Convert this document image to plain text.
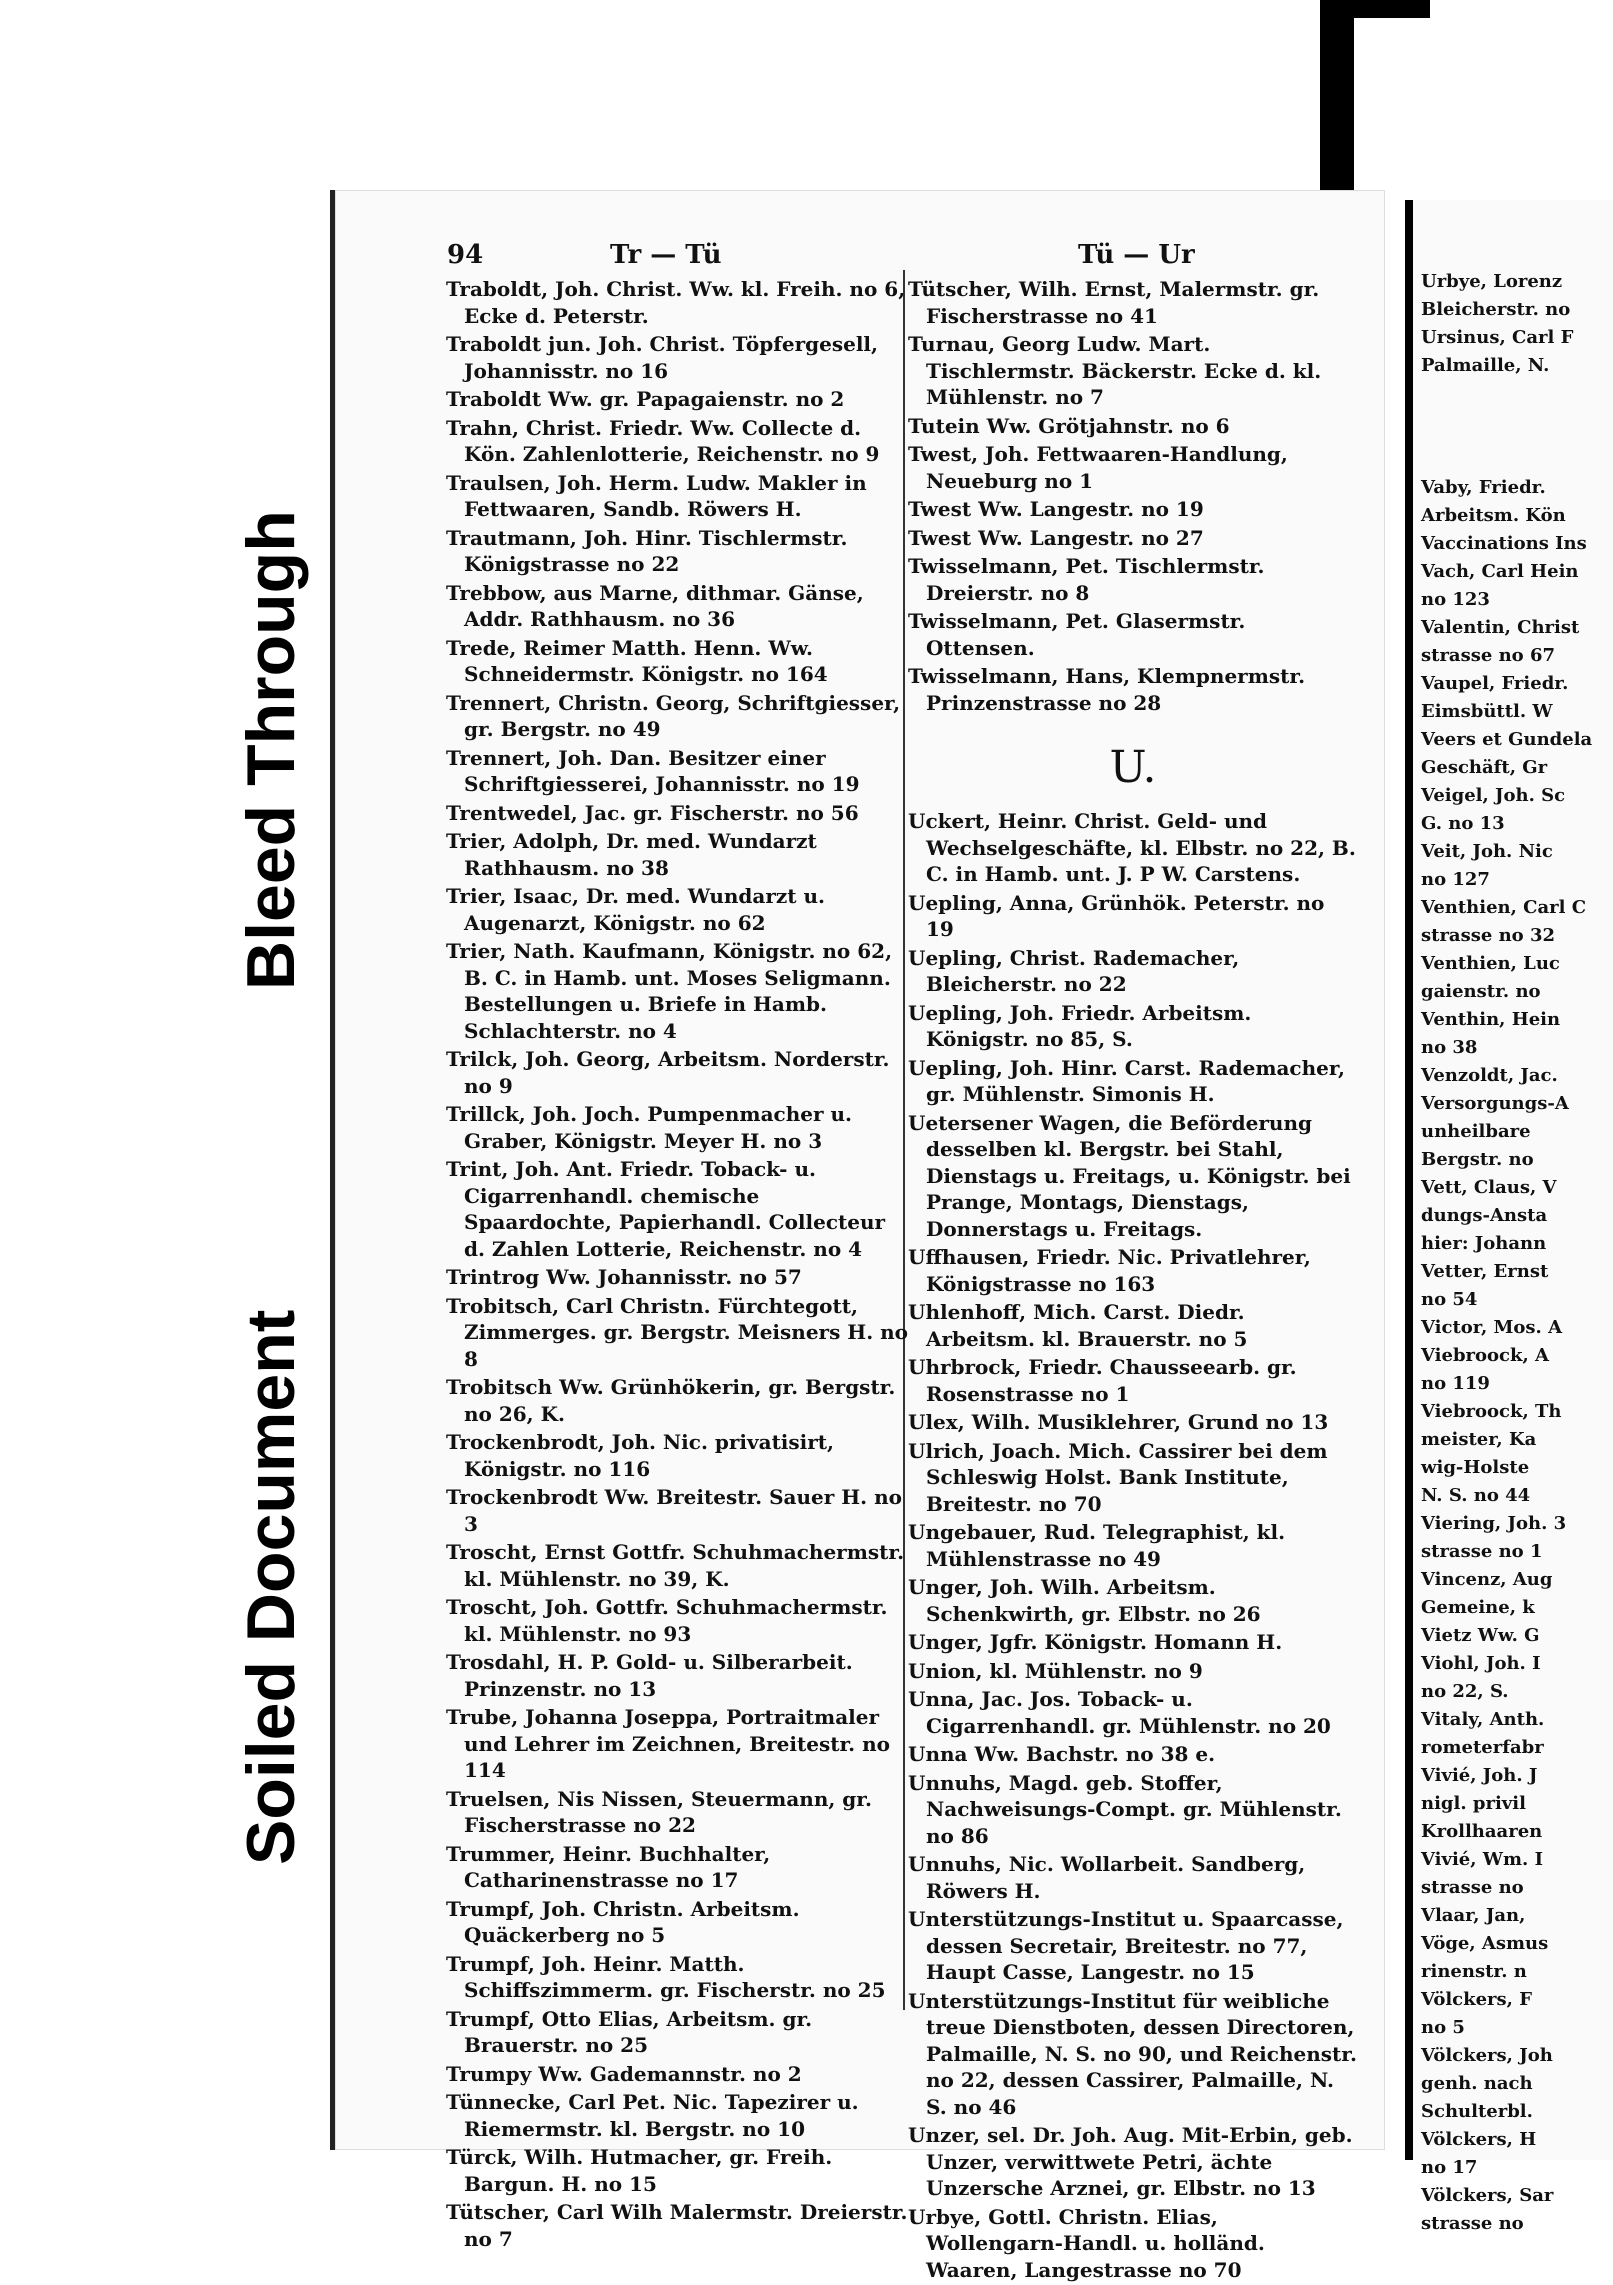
Bleed Through
Soiled Document
Urbye, Lorenz
Bleicherstr. no
Ursinus, Carl F
Palmaille, N.
Vaby, Friedr.
Arbeitsm. Kön
Vaccinations Ins
Vach, Carl Hein
no 123
Valentin, Christ
strasse no 67
Vaupel, Friedr.
Eimsbüttl. W
Veers et Gundela
Geschäft, Gr
Veigel, Joh. Sc
G. no 13
Veit, Joh. Nic
no 127
Venthien, Carl C
strasse no 32
Venthien, Luc
gaienstr. no
Venthin, Hein
no 38
Venzoldt, Jac.
Versorgungs-A
unheilbare
Bergstr. no
Vett, Claus, V
dungs-Ansta
hier: Johann
Vetter, Ernst
no 54
Victor, Mos. A
Viebroock, A
no 119
Viebroock, Th
meister, Ka
wig-Holste
N. S. no 44
Viering, Joh. 3
strasse no 1
Vincenz, Aug
Gemeine, k
Vietz Ww. G
Viohl, Joh. I
no 22, S.
Vitaly, Anth.
rometerfabr
Vivié, Joh. J
nigl. privil
Krollhaaren
Vivié, Wm. I
strasse no
Vlaar, Jan,
Vöge, Asmus
rinenstr. n
Völckers, F
no 5
Völckers, Joh
genh. nach
Schulterbl.
Völckers, H
no 17
Völckers, Sar
strasse no
94	Tr — Tü	Tü — Ur
Traboldt, Joh. Christ. Ww. kl. Freih. no 6, Ecke d. Peterstr.
Traboldt jun. Joh. Christ. Töpfergesell, Johannisstr. no 16
Traboldt Ww. gr. Papagaienstr. no 2
Trahn, Christ. Friedr. Ww. Collecte d. Kön. Zahlenlotterie, Reichenstr. no 9
Traulsen, Joh. Herm. Ludw. Makler in Fettwaaren, Sandb. Röwers H.
Trautmann, Joh. Hinr. Tischlermstr. Königstrasse no 22
Trebbow, aus Marne, dithmar. Gänse, Addr. Rathhausm. no 36
Trede, Reimer Matth. Henn. Ww. Schneidermstr. Königstr. no 164
Trennert, Christn. Georg, Schriftgiesser, gr. Bergstr. no 49
Trennert, Joh. Dan. Besitzer einer Schriftgiesserei, Johannisstr. no 19
Trentwedel, Jac. gr. Fischerstr. no 56
Trier, Adolph, Dr. med. Wundarzt Rathhausm. no 38
Trier, Isaac, Dr. med. Wundarzt u. Augenarzt, Königstr. no 62
Trier, Nath. Kaufmann, Königstr. no 62, B. C. in Hamb. unt. Moses Seligmann. Bestellungen u. Briefe in Hamb. Schlachterstr. no 4
Trilck, Joh. Georg, Arbeitsm. Norderstr. no 9
Trillck, Joh. Joch. Pumpenmacher u. Graber, Königstr. Meyer H. no 3
Trint, Joh. Ant. Friedr. Toback- u. Cigarrenhandl. chemische Spaardochte, Papierhandl. Collecteur d. Zahlen Lotterie, Reichenstr. no 4
Trintrog Ww. Johannisstr. no 57
Trobitsch, Carl Christn. Fürchtegott, Zimmerges. gr. Bergstr. Meisners H. no 8
Trobitsch Ww. Grünhökerin, gr. Bergstr. no 26, K.
Trockenbrodt, Joh. Nic. privatisirt, Königstr. no 116
Trockenbrodt Ww. Breitestr. Sauer H. no 3
Troscht, Ernst Gottfr. Schuhmachermstr. kl. Mühlenstr. no 39, K.
Troscht, Joh. Gottfr. Schuhmachermstr. kl. Mühlenstr. no 93
Trosdahl, H. P. Gold- u. Silberarbeit. Prinzenstr. no 13
Trube, Johanna Joseppa, Portraitmaler und Lehrer im Zeichnen, Breitestr. no 114
Truelsen, Nis Nissen, Steuermann, gr. Fischerstrasse no 22
Trummer, Heinr. Buchhalter, Catharinenstrasse no 17
Trumpf, Joh. Christn. Arbeitsm. Quäckerberg no 5
Trumpf, Joh. Heinr. Matth. Schiffszimmerm. gr. Fischerstr. no 25
Trumpf, Otto Elias, Arbeitsm. gr. Brauerstr. no 25
Trumpy Ww. Gademannstr. no 2
Tünnecke, Carl Pet. Nic. Tapezirer u. Riemermstr. kl. Bergstr. no 10
Türck, Wilh. Hutmacher, gr. Freih. Bargun. H. no 15
Tütscher, Carl Wilh Malermstr. Dreierstr. no 7
Tütscher, Wilh. Ernst, Malermstr. gr. Fischerstrasse no 41
Turnau, Georg Ludw. Mart. Tischlermstr. Bäckerstr. Ecke d. kl. Mühlenstr. no 7
Tutein Ww. Grötjahnstr. no 6
Twest, Joh. Fettwaaren-Handlung, Neueburg no 1
Twest Ww. Langestr. no 19
Twest Ww. Langestr. no 27
Twisselmann, Pet. Tischlermstr. Dreierstr. no 8
Twisselmann, Pet. Glasermstr. Ottensen.
Twisselmann, Hans, Klempnermstr. Prinzenstrasse no 28
U.
Uckert, Heinr. Christ. Geld- und Wechselgeschäfte, kl. Elbstr. no 22, B. C. in Hamb. unt. J. P W. Carstens.
Uepling, Anna, Grünhök. Peterstr. no 19
Uepling, Christ. Rademacher, Bleicherstr. no 22
Uepling, Joh. Friedr. Arbeitsm. Königstr. no 85, S.
Uepling, Joh. Hinr. Carst. Rademacher, gr. Mühlenstr. Simonis H.
Uetersener Wagen, die Beförderung desselben kl. Bergstr. bei Stahl, Dienstags u. Freitags, u. Königstr. bei Prange, Montags, Dienstags, Donnerstags u. Freitags.
Uffhausen, Friedr. Nic. Privatlehrer, Königstrasse no 163
Uhlenhoff, Mich. Carst. Diedr. Arbeitsm. kl. Brauerstr. no 5
Uhrbrock, Friedr. Chausseearb. gr. Rosenstrasse no 1
Ulex, Wilh. Musiklehrer, Grund no 13
Ulrich, Joach. Mich. Cassirer bei dem Schleswig Holst. Bank Institute, Breitestr. no 70
Ungebauer, Rud. Telegraphist, kl. Mühlenstrasse no 49
Unger, Joh. Wilh. Arbeitsm. Schenkwirth, gr. Elbstr. no 26
Unger, Jgfr. Königstr. Homann H.
Union, kl. Mühlenstr. no 9
Unna, Jac. Jos. Toback- u. Cigarrenhandl. gr. Mühlenstr. no 20
Unna Ww. Bachstr. no 38 e.
Unnuhs, Magd. geb. Stoffer, Nachweisungs-Compt. gr. Mühlenstr. no 86
Unnuhs, Nic. Wollarbeit. Sandberg, Röwers H.
Unterstützungs-Institut u. Spaarcasse, dessen Secretair, Breitestr. no 77, Haupt Casse, Langestr. no 15
Unterstützungs-Institut für weibliche treue Dienstboten, dessen Directoren, Palmaille, N. S. no 90, und Reichenstr. no 22, dessen Cassirer, Palmaille, N. S. no 46
Unzer, sel. Dr. Joh. Aug. Mit-Erbin, geb. Unzer, verwittwete Petri, ächte Unzersche Arznei, gr. Elbstr. no 13
Urbye, Gottl. Christn. Elias, Wollengarn-Handl. u. holländ. Waaren, Langestrasse no 70
